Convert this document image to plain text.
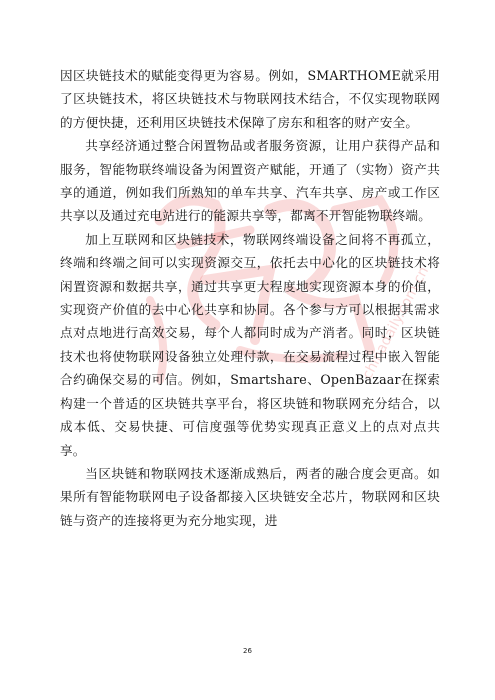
chinadaily.com.cn

因区块链技术的赋能变得更为容易。例如，SMARTHOME就采用了区块链技术，将区块链技术与物联网技术结合，不仅实现物联网的方便快捷，还利用区块链技术保障了房东和租客的财产安全。

共享经济通过整合闲置物品或者服务资源，让用户获得产品和服务，智能物联终端设备为闲置资产赋能，开通了（实物）资产共享的通道，例如我们所熟知的单车共享、汽车共享、房产或工作区共享以及通过充电站进行的能源共享等，都离不开智能物联终端。

加上互联网和区块链技术，物联网终端设备之间将不再孤立，终端和终端之间可以实现资源交互，依托去中心化的区块链技术将闲置资源和数据共享，通过共享更大程度地实现资源本身的价值，实现资产价值的去中心化共享和协同。各个参与方可以根据其需求点对点地进行高效交易，每个人都同时成为产消者。同时，区块链技术也将使物联网设备独立处理付款，在交易流程过程中嵌入智能合约确保交易的可信。例如，Smartshare、OpenBazaar在探索构建一个普适的区块链共享平台，将区块链和物联网充分结合，以成本低、交易快捷、可信度强等优势实现真正意义上的点对点共享。

当区块链和物联网技术逐渐成熟后，两者的融合度会更高。如果所有智能物联网电子设备都接入区块链安全芯片，物联网和区块链与资产的连接将更为充分地实现，进

26
